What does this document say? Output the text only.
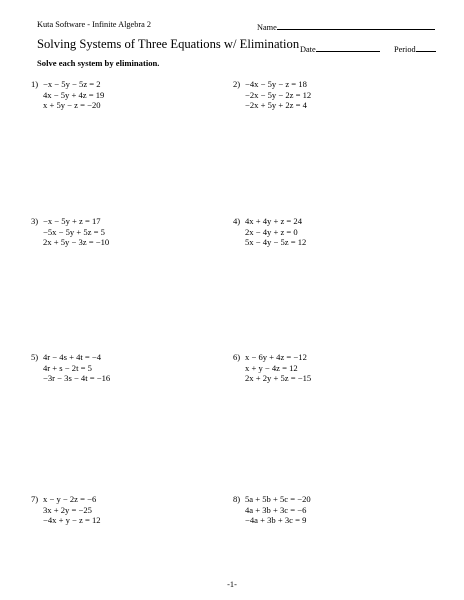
Kuta Software - Infinite Algebra 2	Name
Solving Systems of Three Equations w/ Elimination Date	Period
Solve each system by elimination.
1) −x − 5y − 5z = 2
4x − 5y + 4z = 19
x + 5y − z = −20
2) −4x − 5y − z = 18
−2x − 5y − 2z = 12
−2x + 5y + 2z = 4
3) −x − 5y + z = 17
−5x − 5y + 5z = 5
2x + 5y − 3z = −10
4) 4x + 4y + z = 24
2x − 4y + z = 0
5x − 4y − 5z = 12
5) 4r − 4s + 4t = −4
4r + s − 2t = 5
−3r − 3s − 4t = −16
6) x − 6y + 4z = −12
x + y − 4z = 12
2x + 2y + 5z = −15
7) x − y − 2z = −6
3x + 2y = −25
−4x + y − z = 12
8) 5a + 5b + 5c = −20
4a + 3b + 3c = −6
−4a + 3b + 3c = 9
-1-
